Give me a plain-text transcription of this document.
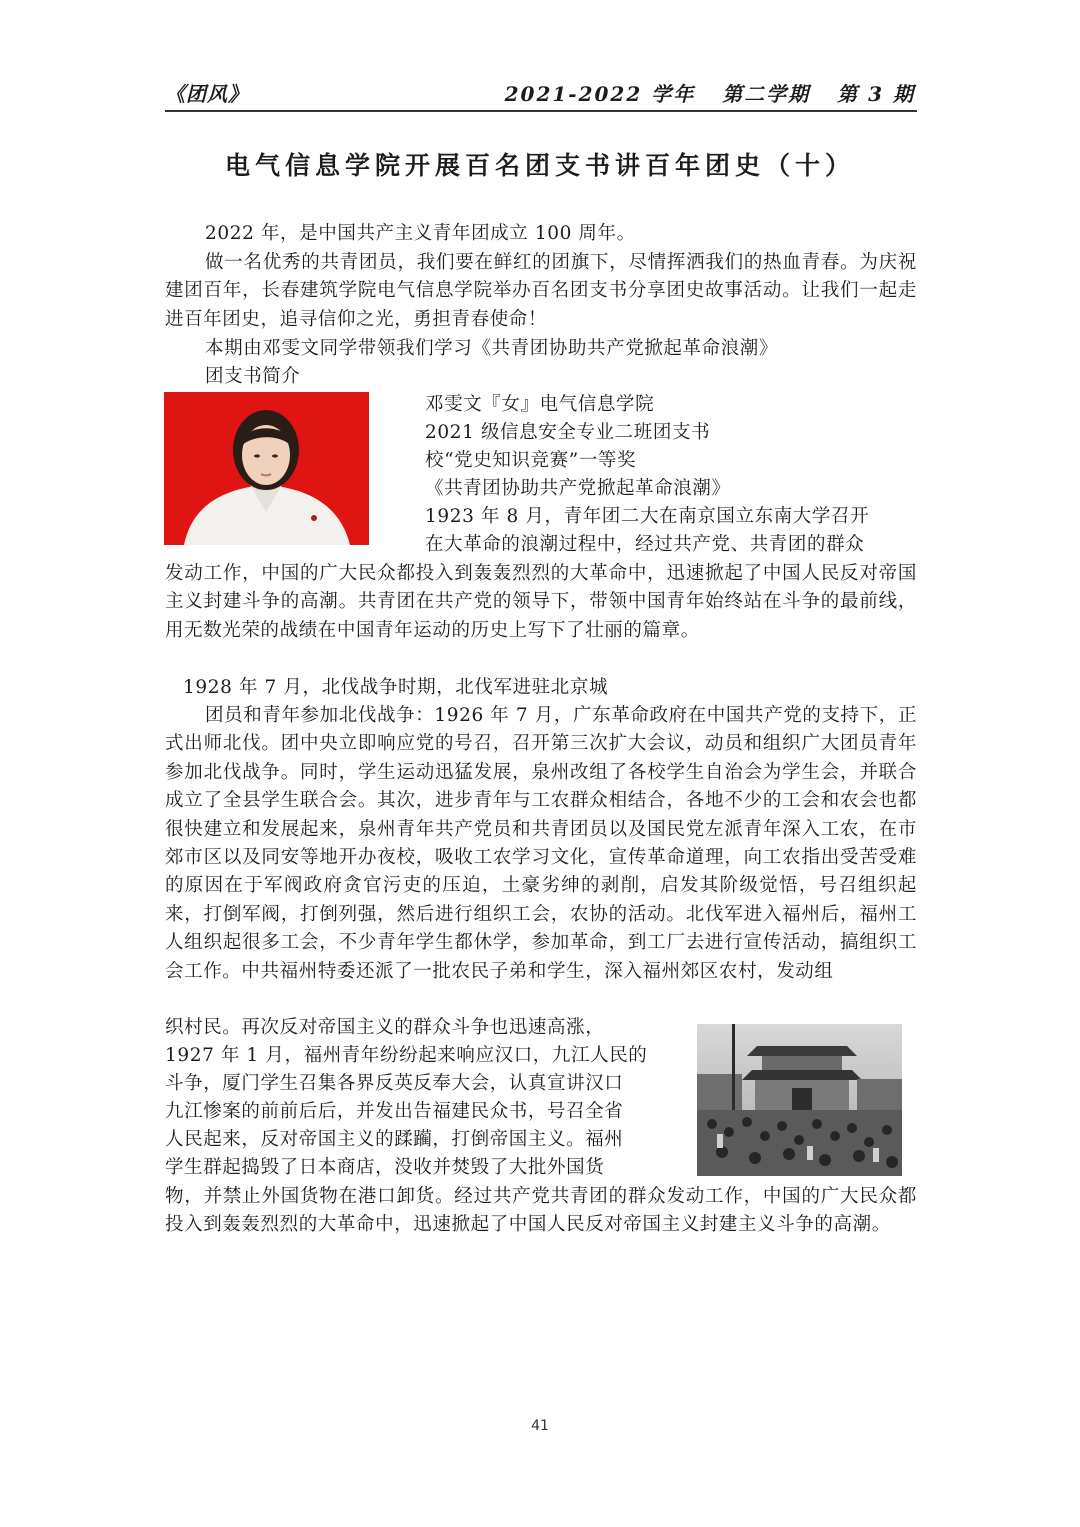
《团风》	2021-2022 学年 第二学期 第 3 期
电气信息学院开展百名团支书讲百年团史（十）
2022 年，是中国共产主义青年团成立 100 周年。
做一名优秀的共青团员，我们要在鲜红的团旗下，尽情挥洒我们的热血青春。为庆祝建团百年，长春建筑学院电气信息学院举办百名团支书分享团史故事活动。让我们一起走进百年团史，追寻信仰之光，勇担青春使命！
本期由邓雯文同学带领我们学习《共青团协助共产党掀起革命浪潮》
团支书简介
邓雯文『女』电气信息学院
2021 级信息安全专业二班团支书
校“党史知识竞赛”一等奖
《共青团协助共产党掀起革命浪潮》
1923 年 8 月，青年团二大在南京国立东南大学召开
在大革命的浪潮过程中，经过共产党、共青团的群众
发动工作，中国的广大民众都投入到轰轰烈烈的大革命中，迅速掀起了中国人民反对帝国主义封建斗争的高潮。共青团在共产党的领导下，带领中国青年始终站在斗争的最前线，用无数光荣的战绩在中国青年运动的历史上写下了壮丽的篇章。
1928 年 7 月，北伐战争时期，北伐军进驻北京城
团员和青年参加北伐战争：1926 年 7 月，广东革命政府在中国共产党的支持下，正式出师北伐。团中央立即响应党的号召，召开第三次扩大会议，动员和组织广大团员青年参加北伐战争。同时，学生运动迅猛发展，泉州改组了各校学生自治会为学生会，并联合成立了全县学生联合会。其次，进步青年与工农群众相结合，各地不少的工会和农会也都很快建立和发展起来，泉州青年共产党员和共青团员以及国民党左派青年深入工农，在市郊市区以及同安等地开办夜校，吸收工农学习文化，宣传革命道理，向工农指出受苦受难的原因在于军阀政府贪官污吏的压迫，土豪劣绅的剥削，启发其阶级觉悟，号召组织起来，打倒军阀，打倒列强，然后进行组织工会，农协的活动。北伐军进入福州后，福州工人组织起很多工会，不少青年学生都休学，参加革命，到工厂去进行宣传活动，搞组织工会工作。中共福州特委还派了一批农民子弟和学生，深入福州郊区农村，发动组
织村民。再次反对帝国主义的群众斗争也迅速高涨，
1927 年 1 月，福州青年纷纷起来响应汉口，九江人民的
斗争，厦门学生召集各界反英反奉大会，认真宣讲汉口
九江惨案的前前后后，并发出告福建民众书，号召全省
人民起来，反对帝国主义的蹂躏，打倒帝国主义。福州
学生群起捣毁了日本商店，没收并焚毁了大批外国货
物，并禁止外国货物在港口卸货。经过共产党共青团的群众发动工作，中国的广大民众都投入到轰轰烈烈的大革命中，迅速掀起了中国人民反对帝国主义封建主义斗争的高潮。
41
